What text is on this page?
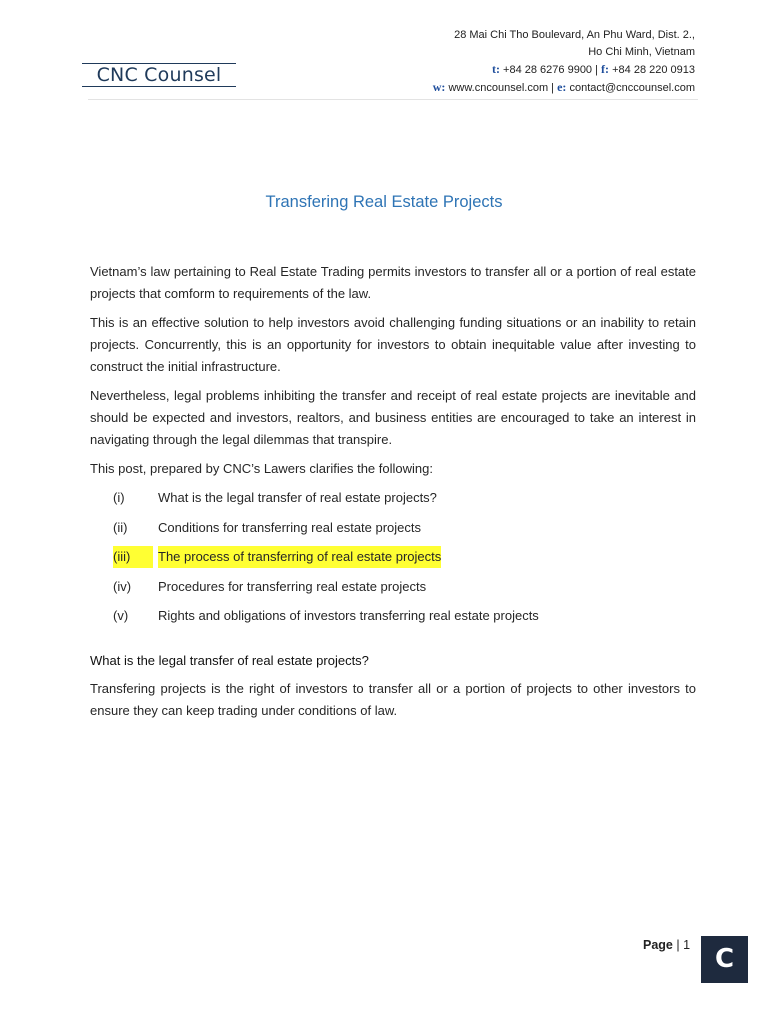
CNC Counsel
28 Mai Chi Tho Boulevard, An Phu Ward, Dist. 2.,
Ho Chi Minh, Vietnam
t: +84 28 6276 9900 | f: +84 28 220 0913
w: www.cncounsel.com | e: contact@cnccounsel.com
Transfering Real Estate Projects

Vietnam’s law pertaining to Real Estate Trading permits investors to transfer all or a portion of real estate projects that comform to requirements of the law.

This is an effective solution to help investors avoid challenging funding situations or an inability to retain projects. Concurrently, this is an opportunity for investors to obtain inequitable value after investing to construct the initial infrastructure.

Nevertheless, legal problems inhibiting the transfer and receipt of real estate projects are inevitable and should be expected and investors, realtors, and business entities are encouraged to take an interest in navigating through the legal dilemmas that transpire.

This post, prepared by CNC’s Lawers clarifies the following:

(i)	What is the legal transfer of real estate projects?
(ii)	Conditions for transferring real estate projects
(iii)	The process of transferring of real estate projects
(iv)	Procedures for transferring real estate projects
(v)	Rights and obligations of investors transferring real estate projects
What is the legal transfer of real estate projects?

Transfering projects is the right of investors to transfer all or a portion of projects to other investors to ensure they can keep trading under conditions of law.

Page | 1 C
